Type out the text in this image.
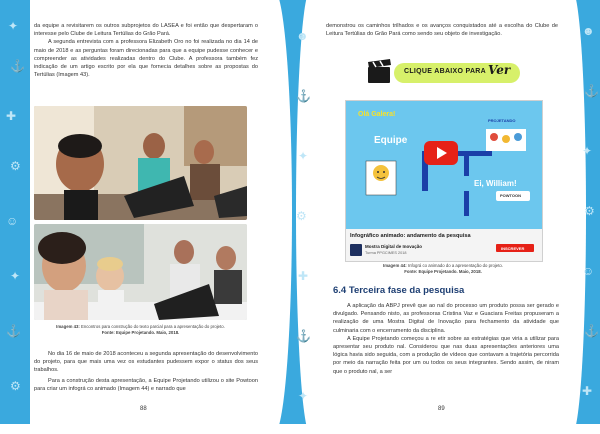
✦
⚓
✚
⚙
☺
✦
⚓
⚙
☻
⚓
✦
⚙
✚
⚓
✦
☻
⚓
✦
⚙
☺
⚓
✚

da equipe a revisitarem os outros subprojetos do LASEA e foi então que despertaram o interesse pelo Clube de Leitura Tertúlias do Grão Pará.

A segunda entrevista com a professora Elizabeth Oro no foi realizada no dia 14 de maio de 2018 e as perguntas foram direcionadas para que a equipe pudesse conhecer e compreender as atividades realizadas dentro do Clube. A professora também fez indicação de um artigo escrito por ela que fornecia detalhes sobre as propostas do Tertúlias (Imagem 43).

Imagem 43: Encontros para construção do texto parcial para a apresentação do projeto.
Fonte: Equipe Projetando. Maio, 2018.

No dia 16 de maio de 2018 aconteceu a segunda apresentação do desenvolvimento do projeto, para que mais uma vez os estudantes pudessem expor o status dos seus trabalhos.

Para a construção desta apresentação, a Equipe Projetando utilizou o site Powtoon para criar um infográ co animado (Imagem 44) e narrado que

88

demonstrou os caminhos trilhados e os avanços conquistados até a escolha do Clube de Leitura Tertúlias do Grão Pará como sendo seu objeto de investigação.

CLIQUE ABAIXO PARA Ver
Olá Galera!
Equipe
Ei, William!
PROJETANDO
POWTOON
Infográfico animado: andamento da pesquisa
Mostra Digital de Inovação
Turma PPGCIMES 2018
INSCREVER
Imagem 44: Infográ co animado do a apresentação do projeto.
Fonte: Equipe Projetando. Maio, 2018.
6.4 Terceira fase da pesquisa

A aplicação da ABPJ prevê que ao nal do processo um produto possa ser gerado e divulgado. Pensando nisto, as professoras Cristina Vaz e Guaciara Freitas propuseram a realização de uma Mostra Digital de Inovação para fechamento da atividade que culminaria com o encerramento da disciplina.

A Equipe Projetando começou a re etir sobre as estratégias que viria a utilizar para apresentar seu produto nal. Considerou que nas duas apresentações anteriores uma lógica havia sido seguida, com a produção de vídeos que contavam a trajetória percorrida por meio da narração feita por um ou todos os seus integrantes. Sendo assim, de niram que o produto nal, a ser

89
